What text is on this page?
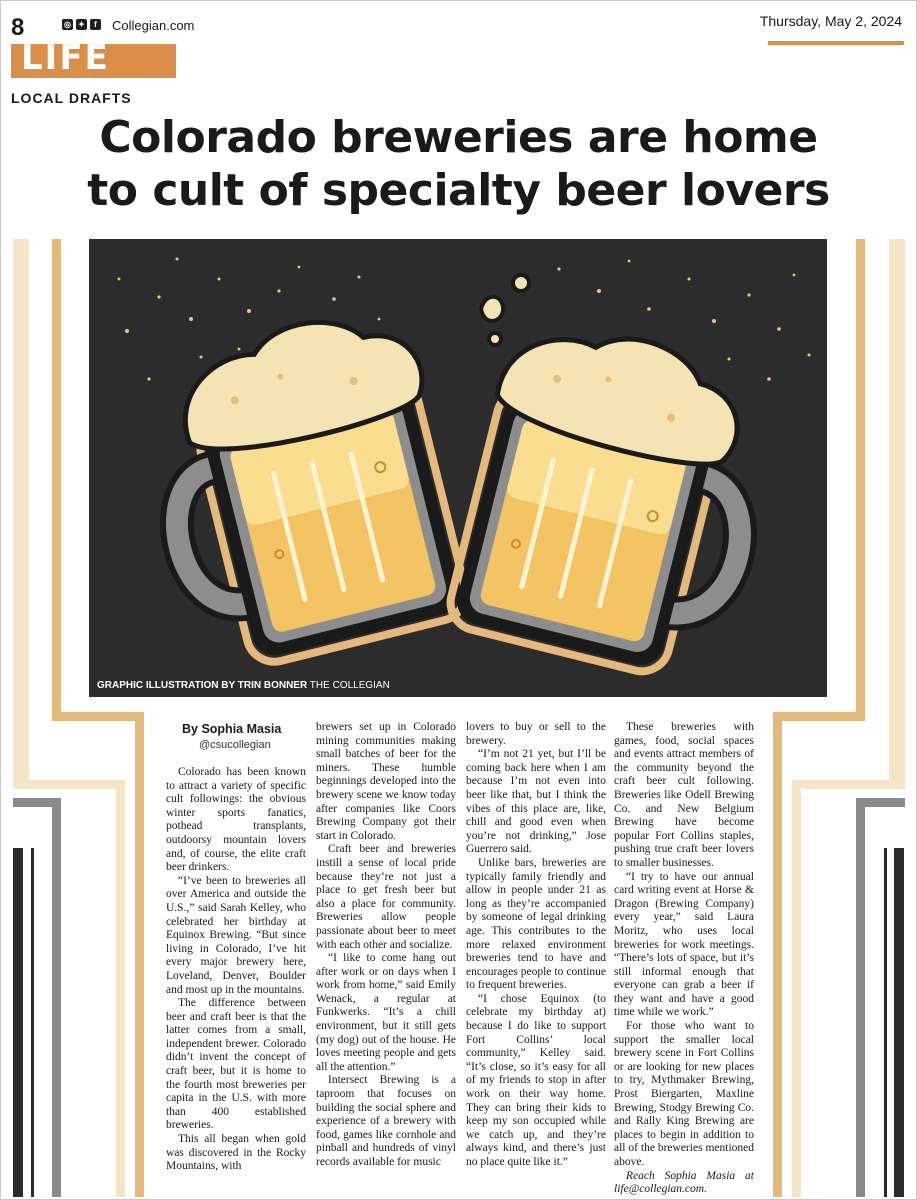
8	◎ ✦	f	Collegian.com	Thursday, May 2, 2024
LIFE
LOCAL DRAFTS
Colorado breweries are home
to cult of specialty beer lovers
GRAPHIC ILLUSTRATION BY TRIN BONNER THE COLLEGIAN
By Sophia Masia
@csucollegian

Colorado has been known to attract a variety of specific cult followings: the obvious winter sports fanatics, pothead transplants, outdoorsy mountain lovers and, of course, the elite craft beer drinkers.

“I’ve been to breweries all over America and outside the U.S.,” said Sarah Kelley, who celebrated her birthday at Equinox Brewing. “But since living in Colorado, I’ve hit every major brewery here, Loveland, Denver, Boulder and most up in the mountains.

The difference between beer and craft beer is that the latter comes from a small, independent brewer. Colorado didn’t invent the concept of craft beer, but it is home to the fourth most breweries per capita in the U.S. with more than 400 established breweries.

This all began when gold was discovered in the Rocky Mountains, with

brewers set up in Colorado mining communities making small batches of beer for the miners. These humble beginnings developed into the brewery scene we know today after companies like Coors Brewing Company got their start in Colorado.

Craft beer and breweries instill a sense of local pride because they’re not just a place to get fresh beer but also a place for community. Breweries allow people passionate about beer to meet with each other and socialize.

“I like to come hang out after work or on days when I work from home,” said Emily Wenack, a regular at Funkwerks. “It’s a chill environment, but it still gets (my dog) out of the house. He loves meeting people and gets all the attention.”

Intersect Brewing is a taproom that focuses on building the social sphere and experience of a brewery with food, games like cornhole and pinball and hundreds of vinyl records available for music

lovers to buy or sell to the brewery.

“I’m not 21 yet, but I’ll be coming back here when I am because I’m not even into beer like that, but I think the vibes of this place are, like, chill and good even when you’re not drinking,” Jose Guerrero said.

Unlike bars, breweries are typically family friendly and allow in people under 21 as long as they’re accompanied by someone of legal drinking age. This contributes to the more relaxed environment breweries tend to have and encourages people to continue to frequent breweries.

“I chose Equinox (to celebrate my birthday at) because I do like to support Fort Collins’ local community,” Kelley said. “It’s close, so it’s easy for all of my friends to stop in after work on their way home. They can bring their kids to keep my son occupied while we catch up, and they’re always kind, and there’s just no place quite like it.”

These breweries with games, food, social spaces and events attract members of the community beyond the craft beer cult following. Breweries like Odell Brewing Co. and New Belgium Brewing have become popular Fort Collins staples, pushing true craft beer lovers to smaller businesses.

“I try to have our annual card writing event at Horse & Dragon (Brewing Company) every year,” said Laura Moritz, who uses local breweries for work meetings. “There’s lots of space, but it’s still informal enough that everyone can grab a beer if they want and have a good time while we work.”

For those who want to support the smaller local brewery scene in Fort Collins or are looking for new places to try, Mythmaker Brewing, Prost Biergarten, Maxline Brewing, Stodgy Brewing Co. and Rally King Brewing are places to begin in addition to all of the breweries mentioned above.

Reach Sophia Masia at life@collegian.com.
